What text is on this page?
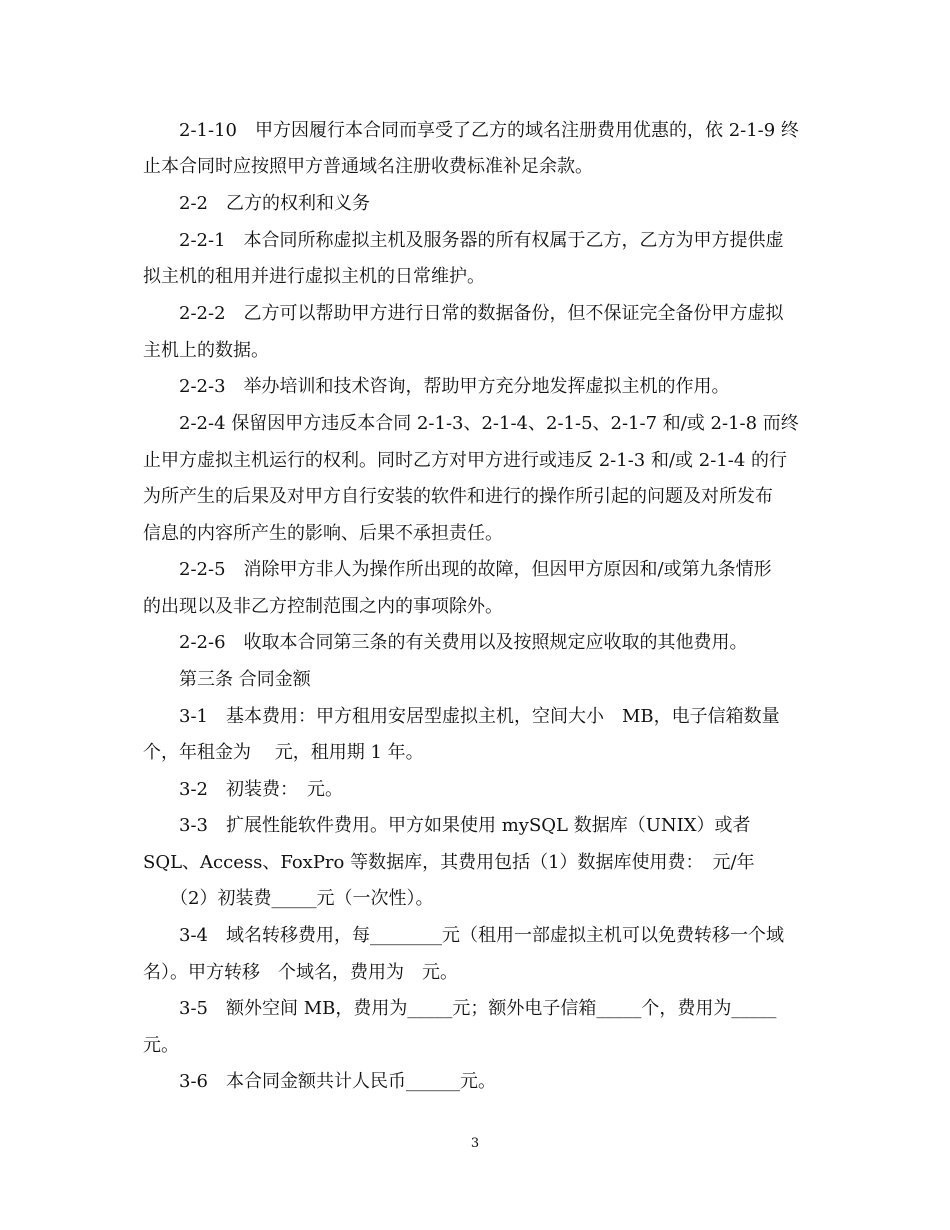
2-1-10　甲方因履行本合同而享受了乙方的域名注册费用优惠的，依 2-1-9 终

止本合同时应按照甲方普通域名注册收费标准补足余款。

2-2　乙方的权利和义务

2-2-1　本合同所称虚拟主机及服务器的所有权属于乙方，乙方为甲方提供虚

拟主机的租用并进行虚拟主机的日常维护。

2-2-2　乙方可以帮助甲方进行日常的数据备份，但不保证完全备份甲方虚拟

主机上的数据。

2-2-3　举办培训和技术咨询，帮助甲方充分地发挥虚拟主机的作用。

2-2-4 保留因甲方违反本合同 2-1-3、2-1-4、2-1-5、2-1-7 和/或 2-1-8 而终

止甲方虚拟主机运行的权利。同时乙方对甲方进行或违反 2-1-3 和/或 2-1-4 的行

为所产生的后果及对甲方自行安装的软件和进行的操作所引起的问题及对所发布

信息的内容所产生的影响、后果不承担责任。

2-2-5　消除甲方非人为操作所出现的故障，但因甲方原因和/或第九条情形

的出现以及非乙方控制范围之内的事项除外。

2-2-6　收取本合同第三条的有关费用以及按照规定应收取的其他费用。

第三条 合同金额

3-1　基本费用：甲方租用安居型虚拟主机，空间大小　MB，电子信箱数量

个，年租金为　 元，租用期 1 年。

3-2　初装费：　元。

3-3　扩展性能软件费用。甲方如果使用 mySQL 数据库（UNIX）或者

SQL、Access、FoxPro 等数据库，其费用包括（1）数据库使用费：　元/年

（2）初装费_____元（一次性）。

3-4　域名转移费用，每________元（租用一部虚拟主机可以免费转移一个域

名）。甲方转移　个域名，费用为　元。

3-5　额外空间 MB，费用为_____元；额外电子信箱_____个，费用为_____

元。

3-6　本合同金额共计人民币______元。

3
